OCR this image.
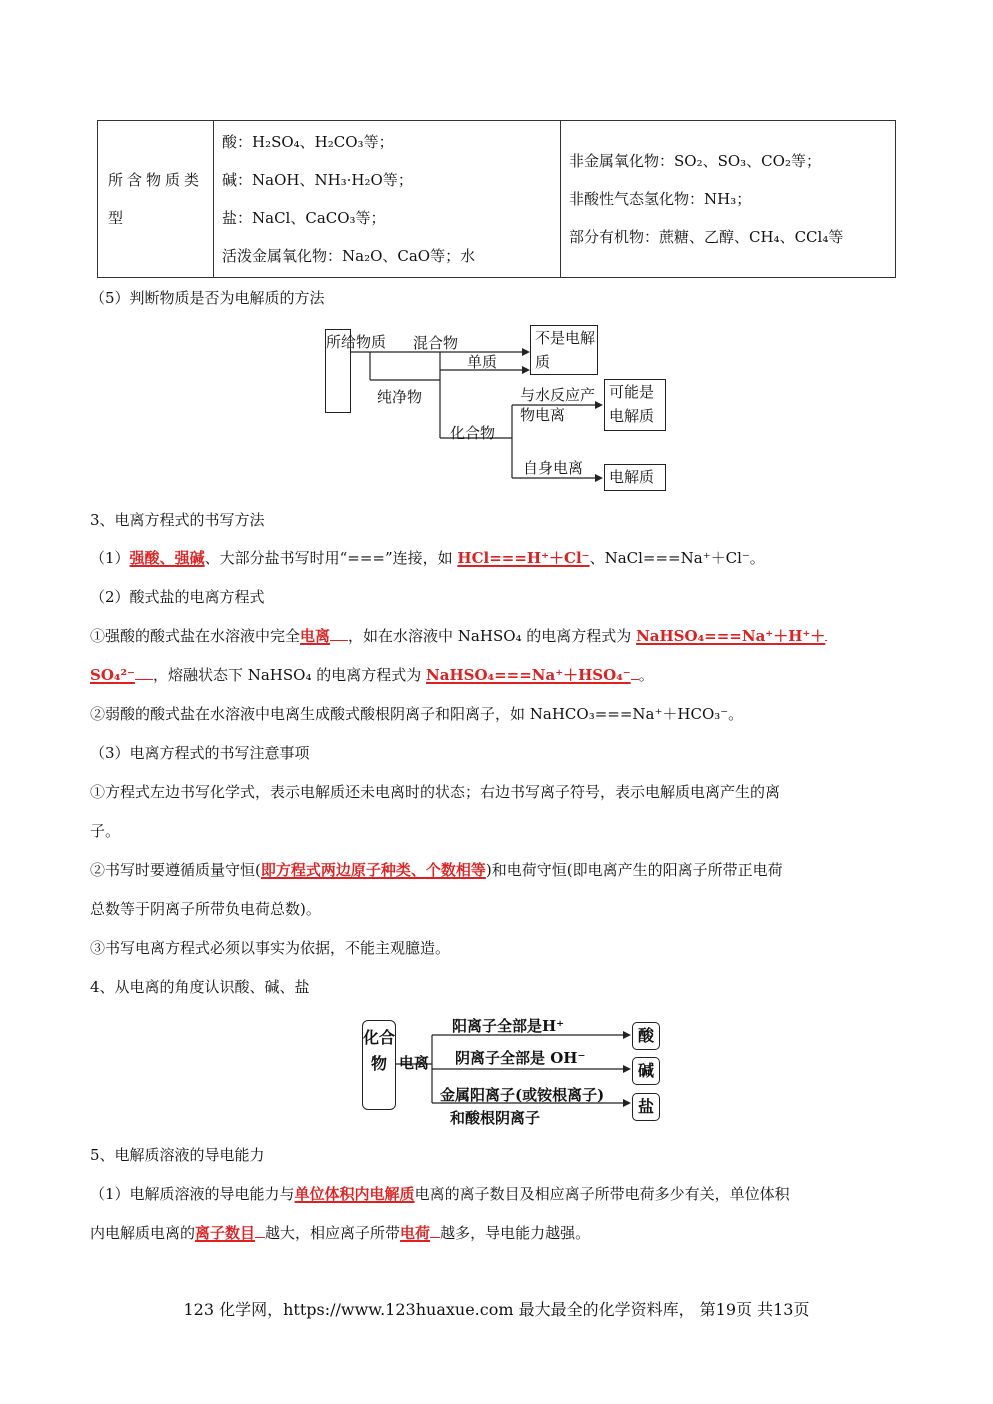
所含物质类型	
酸：H₂SO₄、H₂CO₃等；
碱：NaOH、NH₃·H₂O等；
盐：NaCl、CaCO₃等；
活泼金属氧化物：Na₂O、CaO等；水

非金属氧化物：SO₂、SO₃、CO₂等；
非酸性气态氢化物：NH₃；
部分有机物：蔗糖、乙醇、CH₄、CCl₄等
（5）判断物质是否为电解质的方法
所给物质 混合物
单质
不是电解质
纯净物
化合物
与水反应产物电离
可能是电解质
自身电离	电解质
3、电离方程式的书写方法
（1）强酸、强碱、大部分盐书写时用“===”连接，如 HCl===H⁺＋Cl⁻、NaCl===Na⁺＋Cl⁻。
（2）酸式盐的电离方程式
①强酸的酸式盐在水溶液中完全电离 ，如在水溶液中 NaHSO₄ 的电离方程式为 NaHSO₄===Na⁺＋H⁺＋
SO₄²⁻ ，熔融状态下 NaHSO₄ 的电离方程式为 NaHSO₄===Na⁺＋HSO₄⁻ 。
②弱酸的酸式盐在水溶液中电离生成酸式酸根阴离子和阳离子，如 NaHCO₃===Na⁺＋HCO₃⁻。
（3）电离方程式的书写注意事项
①方程式左边书写化学式，表示电解质还未电离时的状态；右边书写离子符号，表示电解质电离产生的离
子。
②书写时要遵循质量守恒(即方程式两边原子种类、个数相等)和电荷守恒(即电离产生的阳离子所带正电荷
总数等于阴离子所带负电荷总数)。
③书写电离方程式必须以事实为依据，不能主观臆造。
4、从电离的角度认识酸、碱、盐
化合物 电离
阳离子全部是H⁺	酸
阴离子全部是 OH⁻
碱
金属阳离子(或铵根离子)
和酸根阴离子
盐
5、电解质溶液的导电能力
（1）电解质溶液的导电能力与单位体积内电解质电离的离子数目及相应离子所带电荷多少有关，单位体积
内电解质电离的离子数目 越大，相应离子所带电荷 越多，导电能力越强。
123 化学网，https://www.123huaxue.com 最大最全的化学资料库， 第19页 共13页
